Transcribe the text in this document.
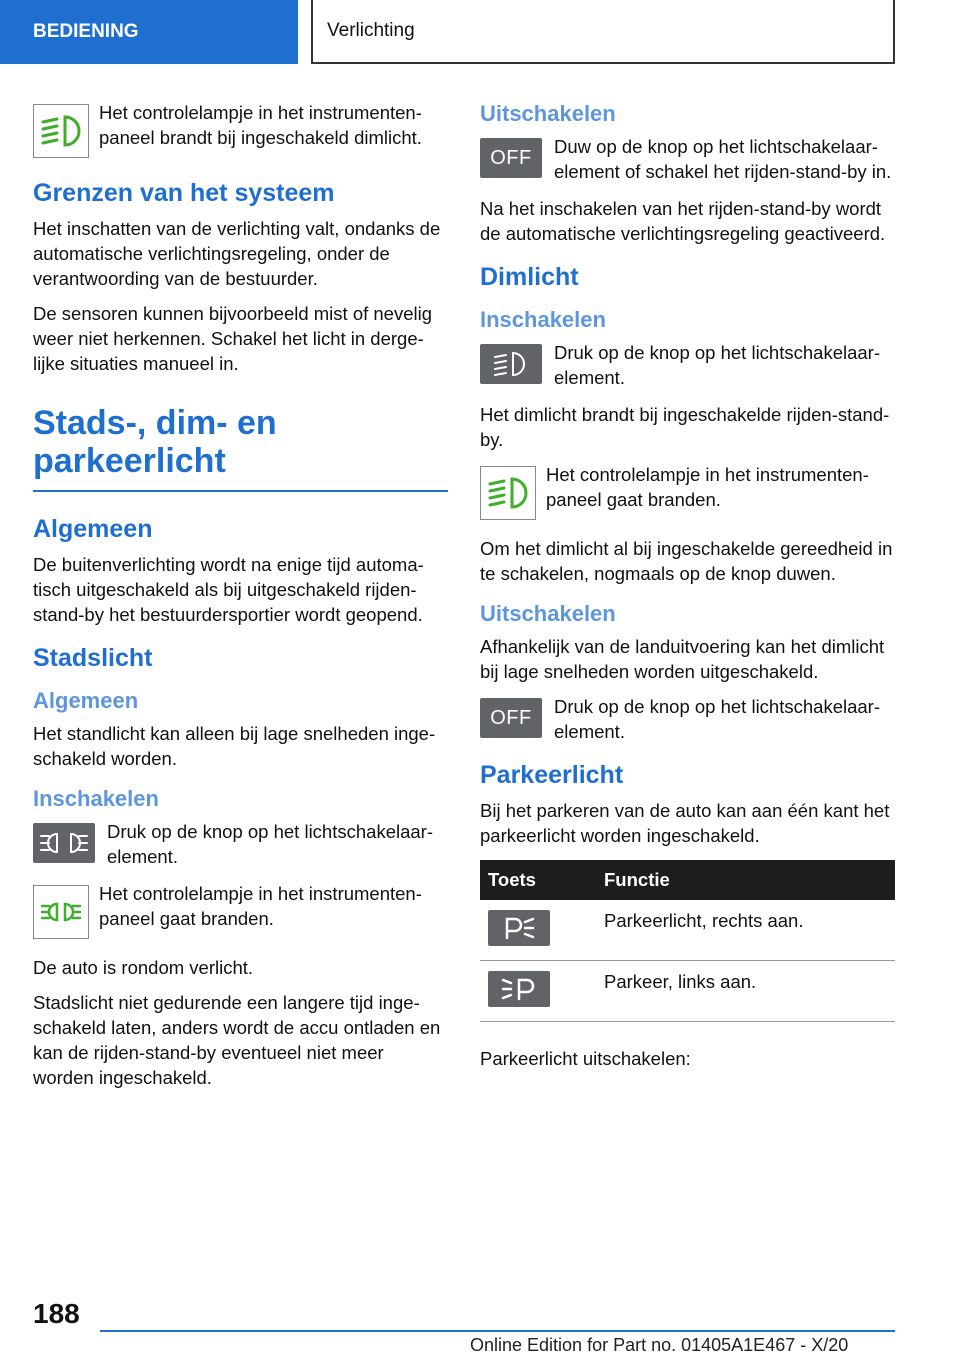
BEDIENING	Verlichting

Het controlelampje in het instrumentenpaneel brandt bij ingeschakeld dimlicht.

Grenzen van het systeem

Het inschatten van de verlichting valt, ondanks de automatische verlichtingsregeling, onder de verantwoording van de bestuurder.

De sensoren kunnen bijvoorbeeld mist of nevelig weer niet herkennen. Schakel het licht in dergelijke situaties manueel in.

Stads-, dim- en parkeerlicht
Algemeen

De buitenverlichting wordt na enige tijd automatisch uitgeschakeld als bij uitgeschakeld rijden-stand-by het bestuurdersportier wordt geopend.

Stadslicht
Algemeen

Het standlicht kan alleen bij lage snelheden ingeschakeld worden.

Inschakelen

Druk op de knop op het lichtschakelaarelement.

Het controlelampje in het instrumentenpaneel gaat branden.

De auto is rondom verlicht.

Stadslicht niet gedurende een langere tijd ingeschakeld laten, anders wordt de accu ontladen en kan de rijden-stand-by eventueel niet meer worden ingeschakeld.

Uitschakelen
OFF	Duw op de knop op het lichtschakelaarelement of schakel het rijden-stand-by in.

Na het inschakelen van het rijden-stand-by wordt de automatische verlichtingsregeling geactiveerd.

Dimlicht
Inschakelen

Druk op de knop op het lichtschakelaarelement.

Het dimlicht brandt bij ingeschakelde rijden-stand-by.

Het controlelampje in het instrumentenpaneel gaat branden.

Om het dimlicht al bij ingeschakelde gereedheid in te schakelen, nogmaals op de knop duwen.

Uitschakelen

Afhankelijk van de landuitvoering kan het dimlicht bij lage snelheden worden uitgeschakeld.

OFF	Druk op de knop op het lichtschakelaarelement.

Parkeerlicht

Bij het parkeren van de auto kan aan één kant het parkeerlicht worden ingeschakeld.

Toets	Functie

	Parkeerlicht, rechts aan.

	Parkeer, links aan.

Parkeerlicht uitschakelen:

188
Online Edition for Part no. 01405A1E467 - X/20
